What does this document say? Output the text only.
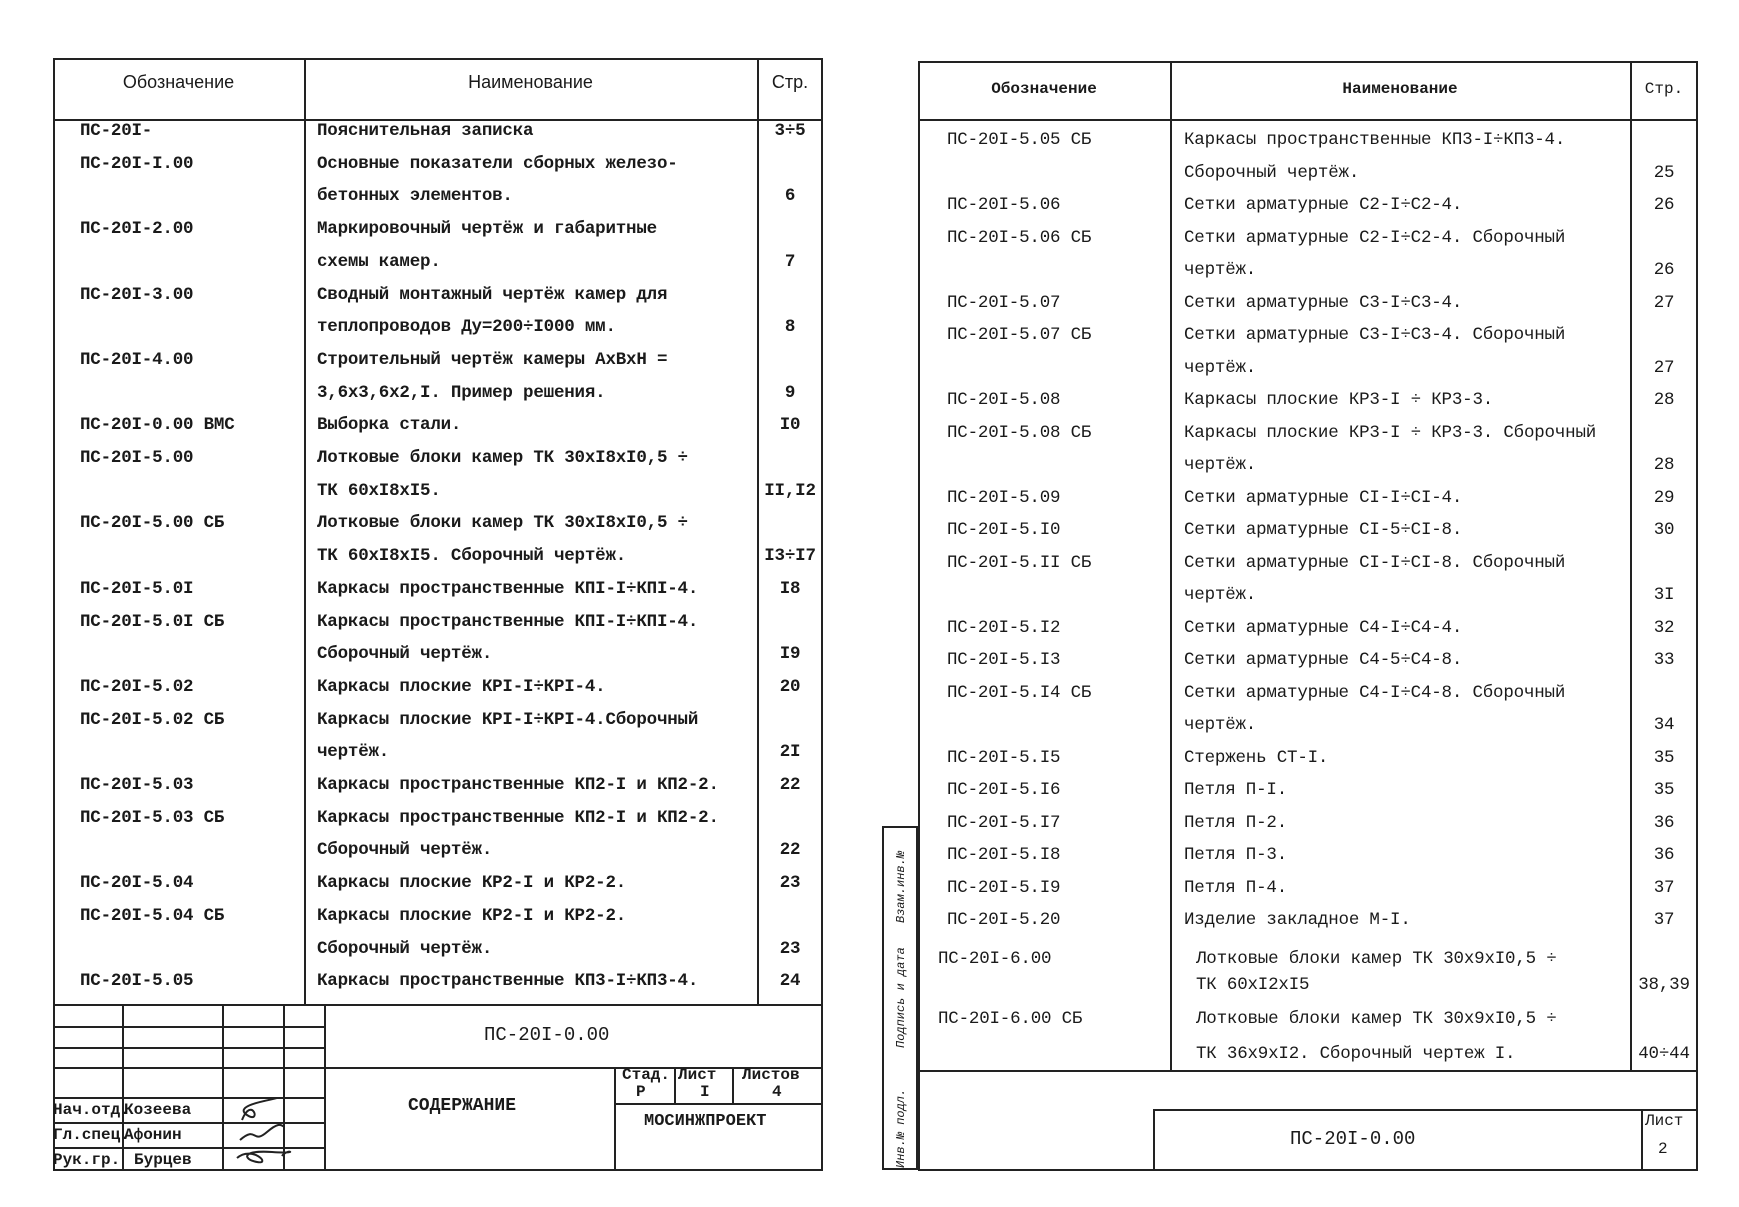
Обозначение	Наименование	Стр.
ПС-20I-	Пояснительная записка	3÷5
ПС-20I-I.00	Основные показатели сборных железо-
бетонных элементов.	6
ПС-20I-2.00	Маркировочный чертёж и габаритные
схемы камер.	7
ПС-20I-3.00	Сводный монтажный чертёж камер для
теплопроводов Ду=200÷I000 мм.	8
ПС-20I-4.00	Строительный чертёж камеры АхВхН =
3,6х3,6х2,I. Пример решения.	9
ПС-20I-0.00 ВМС	Выборка стали.	I0
ПС-20I-5.00	Лотковые блоки камер ТК 30хI8хI0,5 ÷
ТК 60хI8хI5.	II,I2
ПС-20I-5.00 СБ	Лотковые блоки камер ТК 30хI8хI0,5 ÷
ТК 60хI8хI5. Сборочный чертёж.	I3÷I7
ПС-20I-5.0I	Каркасы пространственные КПI-I÷КПI-4.	I8
ПС-20I-5.0I СБ	Каркасы пространственные КПI-I÷КПI-4.
Сборочный чертёж.	I9
ПС-20I-5.02	Каркасы плоские КРI-I÷КРI-4.	20
ПС-20I-5.02 СБ	Каркасы плоские КРI-I÷КРI-4.Сборочный
чертёж.	2I
ПС-20I-5.03	Каркасы пространственные КП2-I и КП2-2.	22
ПС-20I-5.03 СБ	Каркасы пространственные КП2-I и КП2-2.
Сборочный чертёж.	22
ПС-20I-5.04	Каркасы плоские КР2-I и КР2-2.	23
ПС-20I-5.04 СБ	Каркасы плоские КР2-I и КР2-2.
Сборочный чертёж.	23
ПС-20I-5.05	Каркасы пространственные КП3-I÷КП3-4.	24
ПС-20I-0.00
СОДЕРЖАНИЕ
Стад.
Р
Лист
I
Листов
4
МОСИНЖПРОЕКТ
Нач.отд.
Козеева
Гл.спец.
Афонин
Рук.гр. Бурцев
Обозначение	Наименование	Стр.
ПС-20I-5.05 СБ	Каркасы пространственные КП3-I÷КП3-4.
Сборочный чертёж.	25
ПС-20I-5.06	Сетки арматурные С2-I÷С2-4.	26
ПС-20I-5.06 СБ	Сетки арматурные С2-I÷С2-4. Сборочный
чертёж.	26
ПС-20I-5.07	Сетки арматурные С3-I÷С3-4.	27
ПС-20I-5.07 СБ	Сетки арматурные С3-I÷С3-4. Сборочный
чертёж.	27
ПС-20I-5.08	Каркасы плоские КР3-I ÷ КР3-3.	28
ПС-20I-5.08 СБ	Каркасы плоские КР3-I ÷ КР3-3. Сборочный
чертёж.	28
ПС-20I-5.09	Сетки арматурные СI-I÷СI-4.	29
ПС-20I-5.I0	Сетки арматурные СI-5÷СI-8.	30
ПС-20I-5.II СБ	Сетки арматурные СI-I÷СI-8. Сборочный
чертёж.	3I
ПС-20I-5.I2	Сетки арматурные С4-I÷С4-4.	32
ПС-20I-5.I3	Сетки арматурные С4-5÷С4-8.	33
ПС-20I-5.I4 СБ	Сетки арматурные С4-I÷С4-8. Сборочный
чертёж.	34
ПС-20I-5.I5	Стержень СТ-I.	35
ПС-20I-5.I6	Петля П-I.	35
ПС-20I-5.I7	Петля П-2.	36
ПС-20I-5.I8	Петля П-3.	36
ПС-20I-5.I9	Петля П-4.	37
ПС-20I-5.20	Изделие закладное М-I.	37
ПС-20I-6.00	Лотковые блоки камер ТК 30х9хI0,5 ÷
ТК 60хI2хI5	38,39
ПС-20I-6.00 СБ	Лотковые блоки камер ТК 30х9хI0,5 ÷
ТК 36х9хI2. Сборочный чертеж I.	40÷44
ПС-20I-0.00
Лист
2
Инв.№ подл.
Подпись и дата
Взам.инв.№
